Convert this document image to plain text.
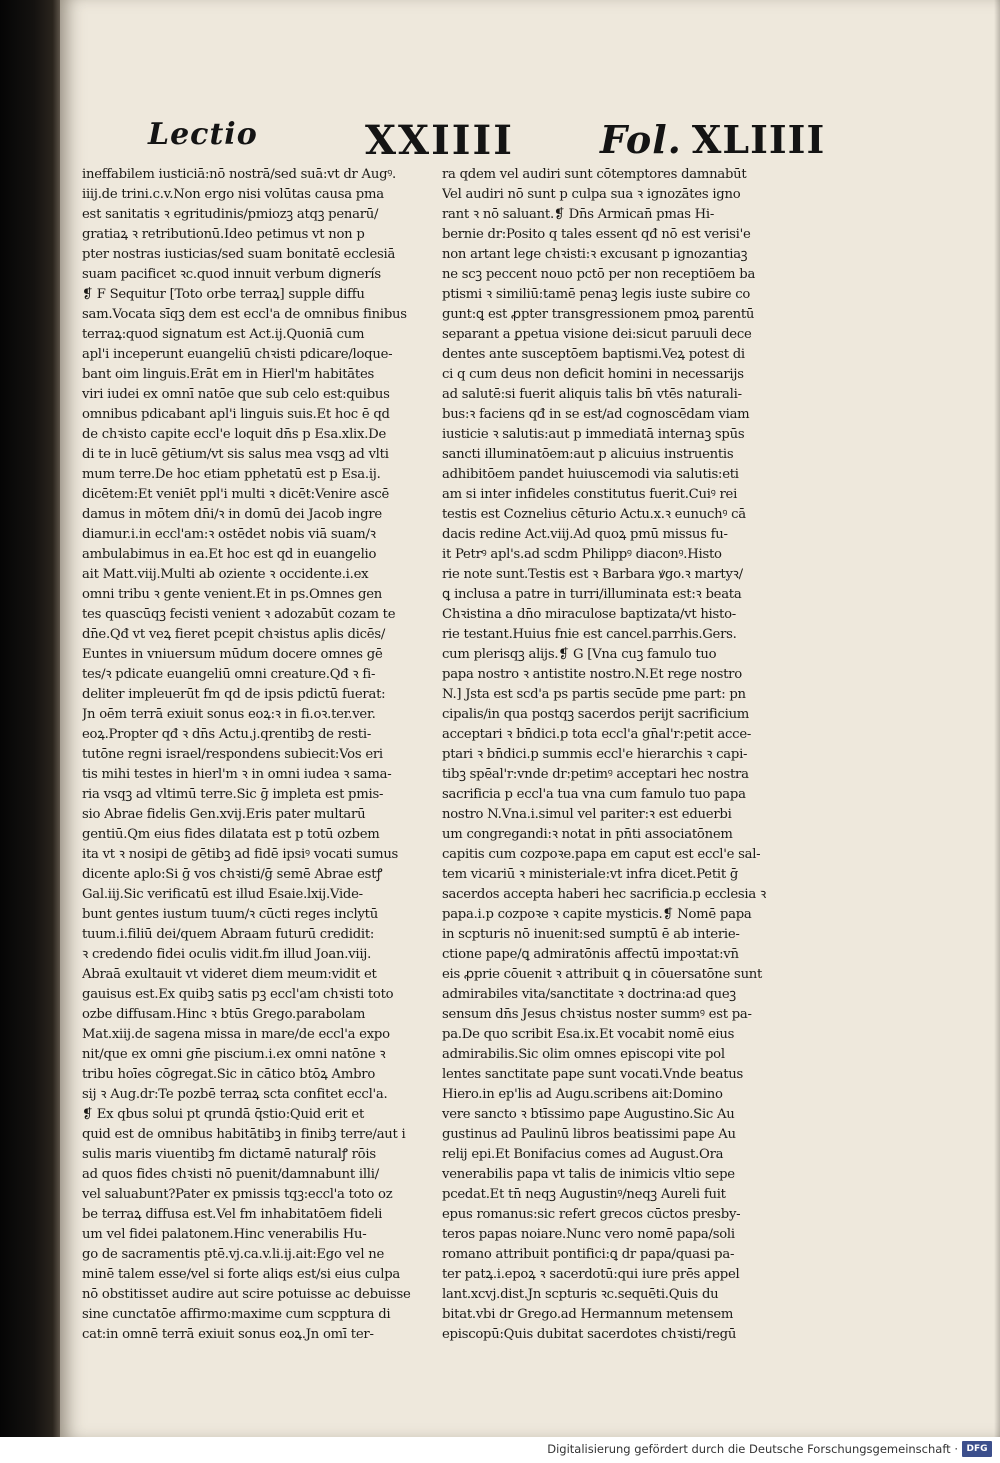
Lectio	XXIIII Fol. XLIIII
ineffabilem iusticiā:nō nostrā/sed suā:vt dr Augꝰ.
iiij.de trini.c.v.Non ergo nisi volūtas causa pma
est sanitatis ꝛ egritudinis/pmiozꝫ atqꝫ penarū/
gratiaꝝ ꝛ retributionū.Ideo petimus vt non p
pter nostras iusticias/sed suam bonitatē ecclesiā
suam pacificet ꝛc.quod innuit verbum dignerís
❡ F Sequitur [Toto orbe terraꝝ] supple diffu
sam.Vocata sīqꝫ dem est eccl'a de omnibus finibus
terraꝝ:quod signatum est Act.ij.Quoniā cum
apl'i inceperunt euangeliū chꝛisti pdicare/loque-
bant oim linguis.Erāt em in Hierl'm habitātes
viri iudei ex omnī natōe que sub celo est:quibus
omnibus pdicabant apl'i linguis suis.Et hoc ē qd
de chꝛisto capite eccl'e loquit dn̄s p Esa.xlix.De
di te in lucē gētium/vt sis salus mea vsqꝫ ad vlti
mum terre.De hoc etiam pphetatū est p Esa.ij.
dicētem:Et veniēt ppl'i multi ꝛ dicēt:Venire ascē
damus in mōtem dn̄i/ꝛ in domū dei Jacob ingre
diamur.i.in eccl'am:ꝛ ostēdet nobis viā suam/ꝛ
ambulabimus in ea.Et hoc est qd in euangelio
ait Matt.viij.Multi ab oziente ꝛ occidente.i.ex
omni tribu ꝛ gente venient.Et in ps.Omnes gen
tes quascūqꝫ fecisti venient ꝛ adozabūt cozam te
dn̄e.Qđ vt veꝝ fieret pcepit chꝛistus aplis dicēs/
Euntes in vniuersum mūdum docere omnes gē
tes/ꝛ pdicate euangeliū omni creature.Qđ ꝛ fi-
deliter impleuerūt fm qd de ipsis pdictū fuerat:
Jn oēm terrā exiuit sonus eoꝝ:ꝛ in fi.oꝛ.ter.ver.
eoꝝ.Propter qđ ꝛ dn̄s Actu.j.qrentibꝫ de resti-
tutōne regni israel/respondens subiecit:Vos eri
tis mihi testes in hierl'm ꝛ in omni iudea ꝛ sama-
ria vsqꝫ ad vltimū terre.Sic ḡ impleta est pmis-
sio Abrae fidelis Gen.xvij.Eris pater multarū
gentiū.Qm eius fides dilatata est p totū ozbem
ita vt ꝛ nosipi de gētibꝫ ad fidē ipsiꝰ vocati sumus
dicente aplo:Si ḡ vos chꝛisti/ḡ semē Abrae estꝭ
Gal.iij.Sic verificatū est illud Esaie.lxij.Vide-
bunt gentes iustum tuum/ꝛ cūcti reges inclytū
tuum.i.filiū dei/quem Abraam futurū credidit:
ꝛ credendo fidei oculis vidit.fm illud Joan.viij.
Abraā exultauit vt videret diem meum:vidit et
gauisus est.Ex quibꝫ satis pꝫ eccl'am chꝛisti toto
ozbe diffusam.Hinc ꝛ btūs Grego.parabolam
Mat.xiij.de sagena missa in mare/de eccl'a expo
nit/que ex omni gn̄e piscium.i.ex omni natōne ꝛ
tribu hoīes cōgregat.Sic in cātico btōꝝ Ambro
sij ꝛ Aug.dr:Te pozbē terraꝝ scta confitet eccl'a.
❡ Ex qbus solui pt qrundā q̄stio:Quid erit et
quid est de omnibus habitātibꝫ in finibꝫ terre/aut i
sulis maris viuentibꝫ fm dictamē naturalꝭ rōis
ad quos fides chꝛisti nō puenit/damnabunt illi/
vel saluabunt?Pater ex pmissis tqꝫ:eccl'a toto oz
be terraꝝ diffusa est.Vel fm inhabitatōem fideli
um vel fidei palatonem.Hinc venerabilis Hu-
go de sacramentis ptē.vj.ca.v.li.ij.ait:Ego vel ne
minē talem esse/vel si forte aliqs est/si eius culpa
nō obstitisset audire aut scire potuisse ac debuisse
sine cunctatōe affirmo:maxime cum scpptura di
cat:in omnē terrā exiuit sonus eoꝝ.Jn omī ter-
ra qdem vel audiri sunt cōtemptores damnabūt
Vel audiri nō sunt p culpa sua ꝛ ignozātes igno
rant ꝛ nō saluant.❡ Dn̄s Armican̄ pmas Hi-
bernie dr:Posito q tales essent qđ nō est verisi'e
non artant lege chꝛisti:ꝛ excusant p ignozantiaꝫ
ne scꝫ peccent nouo pctō per non receptiōem ba
ptismi ꝛ similiū:tamē penaꝫ legis iuste subire co
gunt:ꝗ est ꝓpter transgressionem pmoꝝ parentū
separant a ꝑpetua visione dei:sicut paruuli dece
dentes ante susceptōem baptismi.Veꝝ potest di
ci q cum deus non deficit homini in necessarijs
ad salutē:si fuerit aliquis talis bn̄ vtēs naturali-
bus:ꝛ faciens qđ in se est/ad cognoscēdam viam
iusticie ꝛ salutis:aut p immediatā internaꝫ spūs
sancti illuminatōem:aut p alicuius instruentis
adhibitōem pandet huiuscemodi via salutis:eti
am si inter infideles constitutus fuerit.Cuiꝰ rei
testis est Coznelius cēturio Actu.x.ꝛ eunuchꝰ cā
dacis redine Act.viij.Ad quoꝝ pmū missus fu-
it Petrꝰ apl's.ad scdm Philippꝰ diaconꝰ.Histo
rie note sunt.Testis est ꝛ Barbara ꝟgo.ꝛ martyꝛ/
ꝗ inclusa a patre in turri/illuminata est:ꝛ beata
Chꝛistina a dn̄o miraculose baptizata/vt histo-
rie testant.Huius fnie est cancel.parrhis.Gers.
cum plerisqꝫ alijs.❡ G [Vna cuꝫ famulo tuo
papa nostro ꝛ antistite nostro.N.Et rege nostro
N.] Jsta est scd'a ps partis secūde pme part: pn
cipalis/in qua postqꝫ sacerdos perijt sacrificium
acceptari ꝛ bn̄dici.p tota eccl'a gn̄al'r:petit acce-
ptari ꝛ bn̄dici.p summis eccl'e hierarchis ꝛ capi-
tibꝫ spēal'r:vnde dr:petimꝰ acceptari hec nostra
sacrificia p eccl'a tua vna cum famulo tuo papa
nostro N.Vna.i.simul vel pariter:ꝛ est eduerbi
um congregandi:ꝛ notat in pn̄ti associatōnem
capitis cum cozpoꝛe.papa em caput est eccl'e sal-
tem vicariū ꝛ ministeriale:vt infra dicet.Petit ḡ
sacerdos accepta haberi hec sacrificia.p ecclesia ꝛ
papa.i.p cozpoꝛe ꝛ capite mysticis.❡ Nomē papa
in scpturis nō inuenit:sed sumptū ē ab interie-
ctione pape/ꝗ admiratōnis affectū impoꝛtat:vn̄
eis ꝓprie cōuenit ꝛ attribuit ꝗ in cōuersatōne sunt
admirabiles vita/sanctitate ꝛ doctrina:ad queꝫ
sensum dn̄s Jesus chꝛistus noster summꝰ est pa-
pa.De quo scribit Esa.ix.Et vocabit nomē eius
admirabilis.Sic olim omnes episcopi vite pol
lentes sanctitate pape sunt vocati.Vnde beatus
Hiero.in ep'lis ad Augu.scribens ait:Domino
vere sancto ꝛ btīssimo pape Augustino.Sic Au
gustinus ad Paulinū libros beatissimi pape Au
relij epi.Et Bonifacius comes ad August.Ora
venerabilis papa vt talis de inimicis vltio sepe
pcedat.Et tn̄ neqꝫ Augustinꝰ/neqꝫ Aureli fuit
epus romanus:sic refert grecos cūctos presby-
teros papas noiare.Nunc vero nomē papa/soli
romano attribuit pontifici:ꝗ dr papa/quasi pa-
ter patꝝ.i.epoꝝ ꝛ sacerdotū:qui iure prēs appel
lant.xcvj.dist.Jn scpturis ꝛc.sequēti.Quis du
bitat.vbi dr Grego.ad Hermannum metensem
episcopū:Quis dubitat sacerdotes chꝛisti/regū
Digitalisierung gefördert durch die Deutsche Forschungsgemeinschaft · DFG
